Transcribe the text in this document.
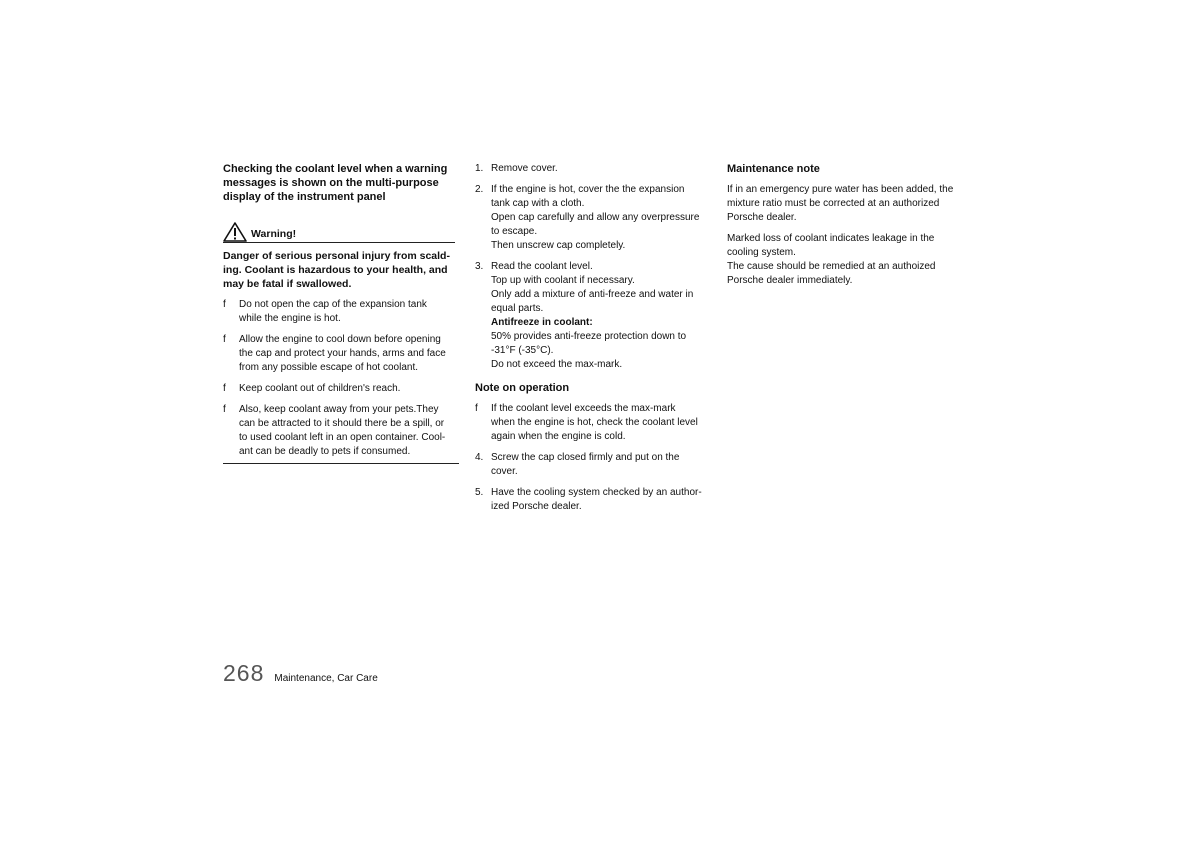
Checking the coolant level when a warning
messages is shown on the multi-purpose
display of the instrument panel
Warning!
Danger of serious personal injury from scald-
ing. Coolant is hazardous to your health, and
may be fatal if swallowed.
f	Do not open the cap of the expansion tank
while the engine is hot.
f	Allow the engine to cool down before opening
the cap and protect your hands, arms and face
from any possible escape of hot coolant.
f	Keep coolant out of children's reach.
f	Also, keep coolant away from your pets.They
can be attracted to it should there be a spill, or
to used coolant left in an open container. Cool-
ant can be deadly to pets if consumed.
1. Remove cover.
2. If the engine is hot, cover the the expansion
tank cap with a cloth.
Open cap carefully and allow any overpressure
to escape.
Then unscrew cap completely.
3. Read the coolant level.
Top up with coolant if necessary.
Only add a mixture of anti-freeze and water in
equal parts.
Antifreeze in coolant:
50% provides anti-freeze protection down to
-31°F (-35°C).
Do not exceed the max-mark.
Note on operation
f	If the coolant level exceeds the max-mark
when the engine is hot, check the coolant level
again when the engine is cold.
4. Screw the cap closed firmly and put on the
cover.
5. Have the cooling system checked by an author-
ized Porsche dealer.
Maintenance note
If in an emergency pure water has been added, the
mixture ratio must be corrected at an authorized
Porsche dealer.
Marked loss of coolant indicates leakage in the
cooling system.
The cause should be remedied at an authoized
Porsche dealer immediately.
268 Maintenance, Car Care
